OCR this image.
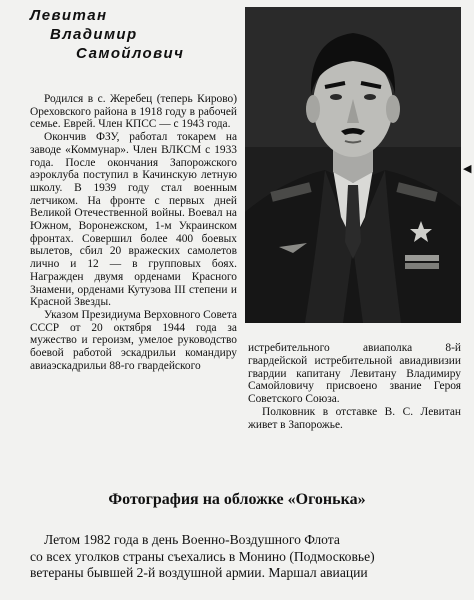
Левитан
Владимир
Самойлович

Родился в с. Жеребец (теперь Кирово) Ореховского района в 1918 году в рабочей семье. Еврей. Член КПСС — с 1943 года.

Окончив ФЗУ, работал токарем на заводе «Коммунар». Член ВЛКСМ с 1933 года. После окончания Запорожского аэроклуба поступил в Качинскую летную школу. В 1939 году стал военным летчиком. На фронте с первых дней Великой Отечественной войны. Воевал на Южном, Воронежском, 1-м Украинском фронтах. Совершил более 400 боевых вылетов, сбил 20 вражеских самолетов лично и 12 — в групповых боях. Награжден двумя орденами Красного Знамени, орденами Кутузова III степени и Красной Звезды.

Указом Президиума Верховного Совета СССР от 20 октября 1944 года за мужество и героизм, умелое руководство боевой работой эскадрильи командиру авиаэскадрильи 88-го гвардейского

◀

истребительного авиаполка 8-й гвардейской истребительной авиадивизии гвардии капитану Левитану Владимиру Самойловичу присвоено звание Героя Советского Союза.

Полковник в отставке В. С. Левитан живет в Запорожье.

Фотография на обложке «Огонька»
Летом 1982 года в день Военно-Воздушного Флота
со всех уголков страны съехались в Монино (Подмосковье)
ветераны бывшей 2-й воздушной армии. Маршал авиации
